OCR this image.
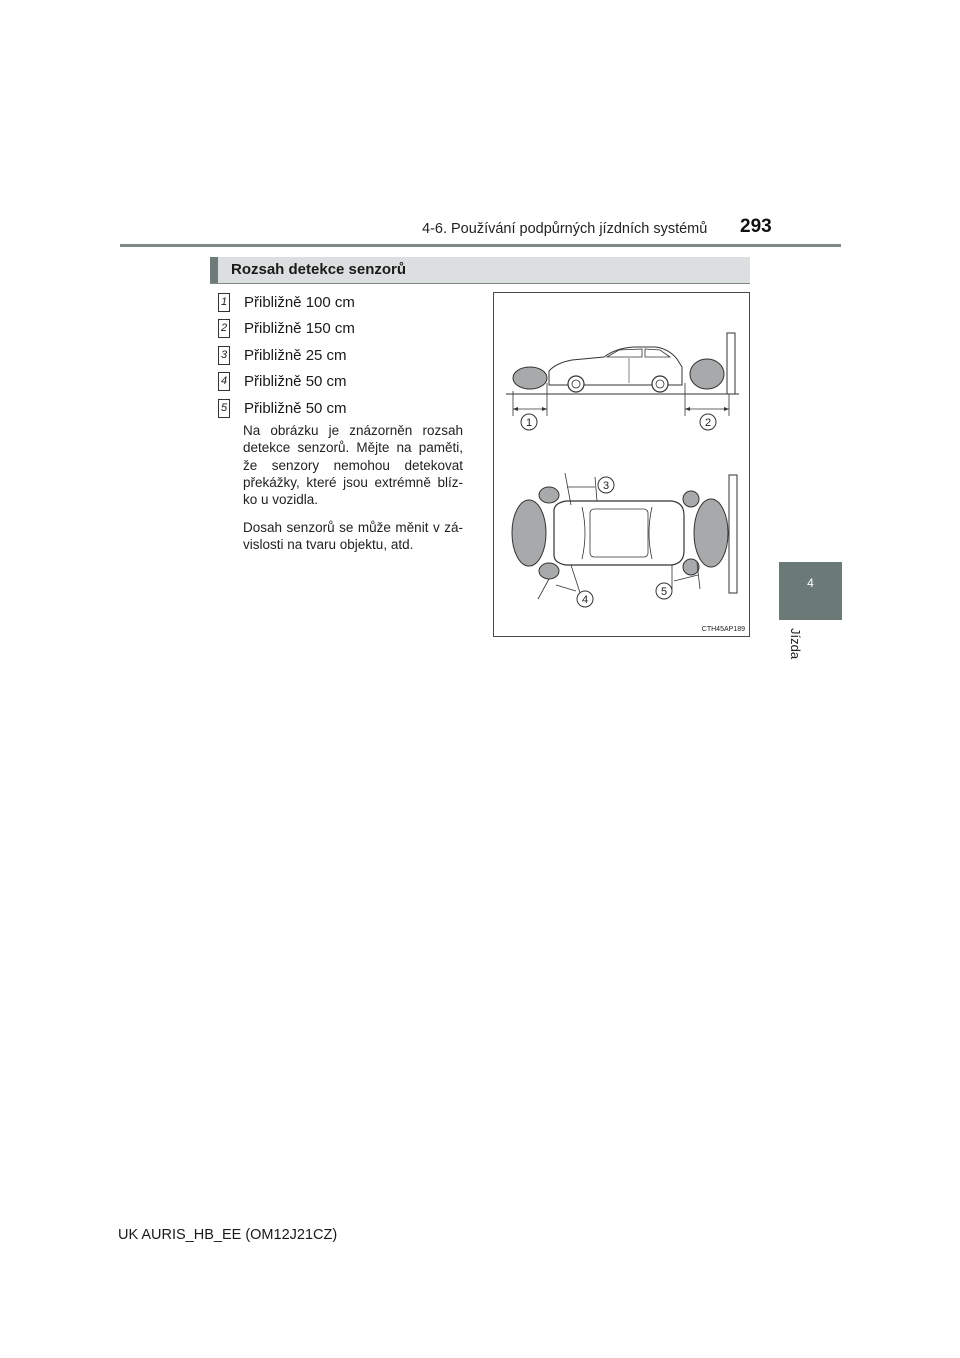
4-6. Používání podpůrných jízdních systémů 293
4
Jízda
Rozsah detekce senzorů
1 Přibližně 100 cm
2 Přibližně 150 cm
3 Přibližně 25 cm
4 Přibližně 50 cm
5 Přibližně 50 cm

Na obrázku je znázorněn rozsah detekce senzorů. Mějte na paměti, že senzory nemohou detekovat překážky, které jsou extrémně blíz-ko u vozidla.

Dosah senzorů se může měnit v zá-vislosti na tvaru objektu, atd.

1	2
3
4
5
CTH45AP189
UK AURIS_HB_EE (OM12J21CZ)
